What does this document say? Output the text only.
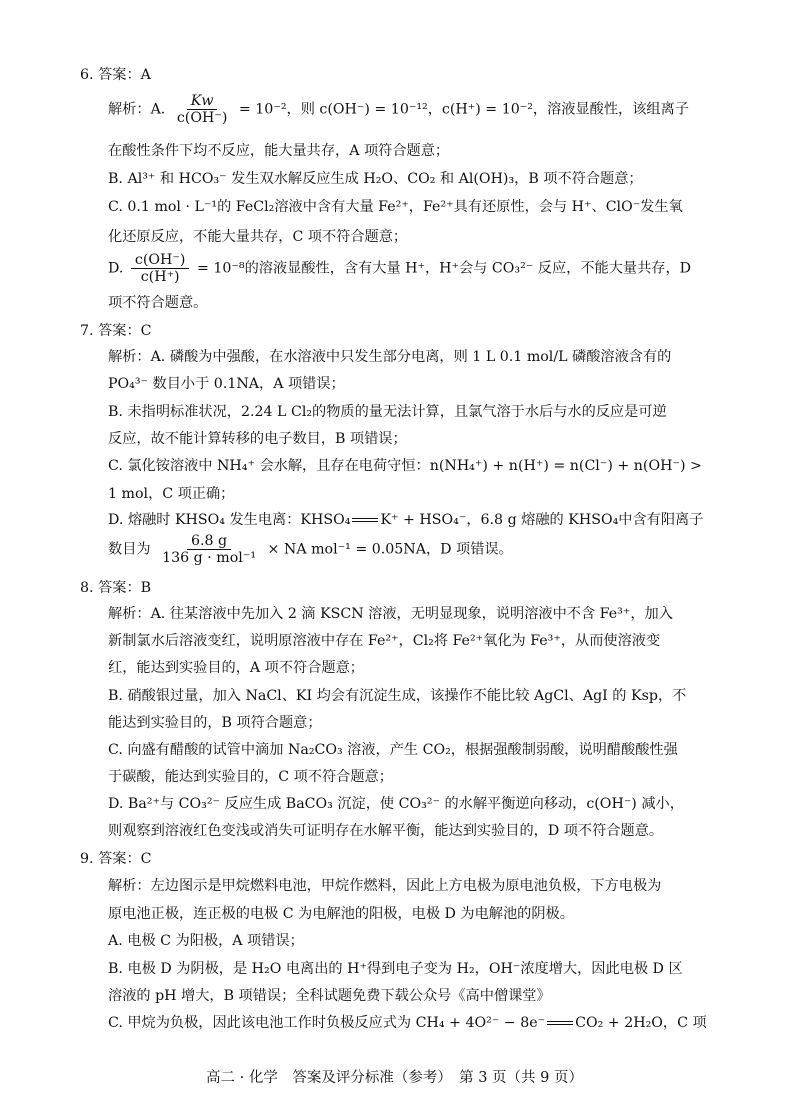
6. 答案：A
解析：A. $\frac{Kw}{c(OH^-)} = 10^{-2}$，则 c(OH⁻) = 10⁻¹²，c(H⁺) = 10⁻²，溶液显酸性，该组离子
在酸性条件下均不反应，能大量共存，A 项符合题意；
B. Al³⁺ 和 HCO₃⁻ 发生双水解反应生成 H₂O、CO₂ 和 Al(OH)₃，B 项不符合题意；
C. 0.1 mol · L⁻¹的 FeCl₂溶液中含有大量 Fe²⁺，Fe²⁺具有还原性，会与 H⁺、ClO⁻发生氧
化还原反应，不能大量共存，C 项不符合题意；
D. $\frac{c(OH^-)}{c(H^+)} = 10^{-8}$的溶液显酸性，含有大量 H⁺，H⁺会与 CO₃²⁻ 反应，不能大量共存，D
项不符合题意。
7. 答案：C
解析：A. 磷酸为中强酸，在水溶液中只发生部分电离，则 1 L 0.1 mol/L 磷酸溶液含有的
PO₄³⁻ 数目小于 0.1NA，A 项错误；
B. 未指明标准状况，2.24 L Cl₂的物质的量无法计算，且氯气溶于水后与水的反应是可逆
反应，故不能计算转移的电子数目，B 项错误；
C. 氯化铵溶液中 NH₄⁺ 会水解，且存在电荷守恒：n(NH₄⁺) + n(H⁺) = n(Cl⁻) + n(OH⁻) >
1 mol，C 项正确；
D. 熔融时 KHSO₄ 发生电离：KHSO₄ K⁺ + HSO₄⁻，6.8 g 熔融的 KHSO₄中含有阳离子
数目为 $\frac{6.8 g}{\text{136 g · mol⁻¹}}$ × NA mol⁻¹ = 0.05NA，D 项错误。
8. 答案：B
解析：A. 往某溶液中先加入 2 滴 KSCN 溶液，无明显现象，说明溶液中不含 Fe³⁺，加入
新制氯水后溶液变红，说明原溶液中存在 Fe²⁺，Cl₂将 Fe²⁺氧化为 Fe³⁺，从而使溶液变
红，能达到实验目的，A 项不符合题意；
B. 硝酸银过量，加入 NaCl、KI 均会有沉淀生成，该操作不能比较 AgCl、AgI 的 Ksp，不
能达到实验目的，B 项符合题意；
C. 向盛有醋酸的试管中滴加 Na₂CO₃ 溶液，产生 CO₂，根据强酸制弱酸，说明醋酸酸性强
于碳酸，能达到实验目的，C 项不符合题意；
D. Ba²⁺与 CO₃²⁻ 反应生成 BaCO₃ 沉淀，使 CO₃²⁻ 的水解平衡逆向移动，c(OH⁻) 减小，
则观察到溶液红色变浅或消失可证明存在水解平衡，能达到实验目的，D 项不符合题意。
9. 答案：C
解析：左边图示是甲烷燃料电池，甲烷作燃料，因此上方电极为原电池负极，下方电极为
原电池正极，连正极的电极 C 为电解池的阳极，电极 D 为电解池的阴极。
A. 电极 C 为阳极，A 项错误；
B. 电极 D 为阴极，是 H₂O 电离出的 H⁺得到电子变为 H₂，OH⁻浓度增大，因此电极 D 区
溶液的 pH 增大，B 项错误；全科试题免费下载公众号《高中僧课堂》
C. 甲烷为负极，因此该电池工作时负极反应式为 CH₄ + 4O²⁻ − 8e⁻ CO₂ + 2H₂O，C 项
高二 · 化学　答案及评分标准（参考）　第 3 页（共 9 页）
